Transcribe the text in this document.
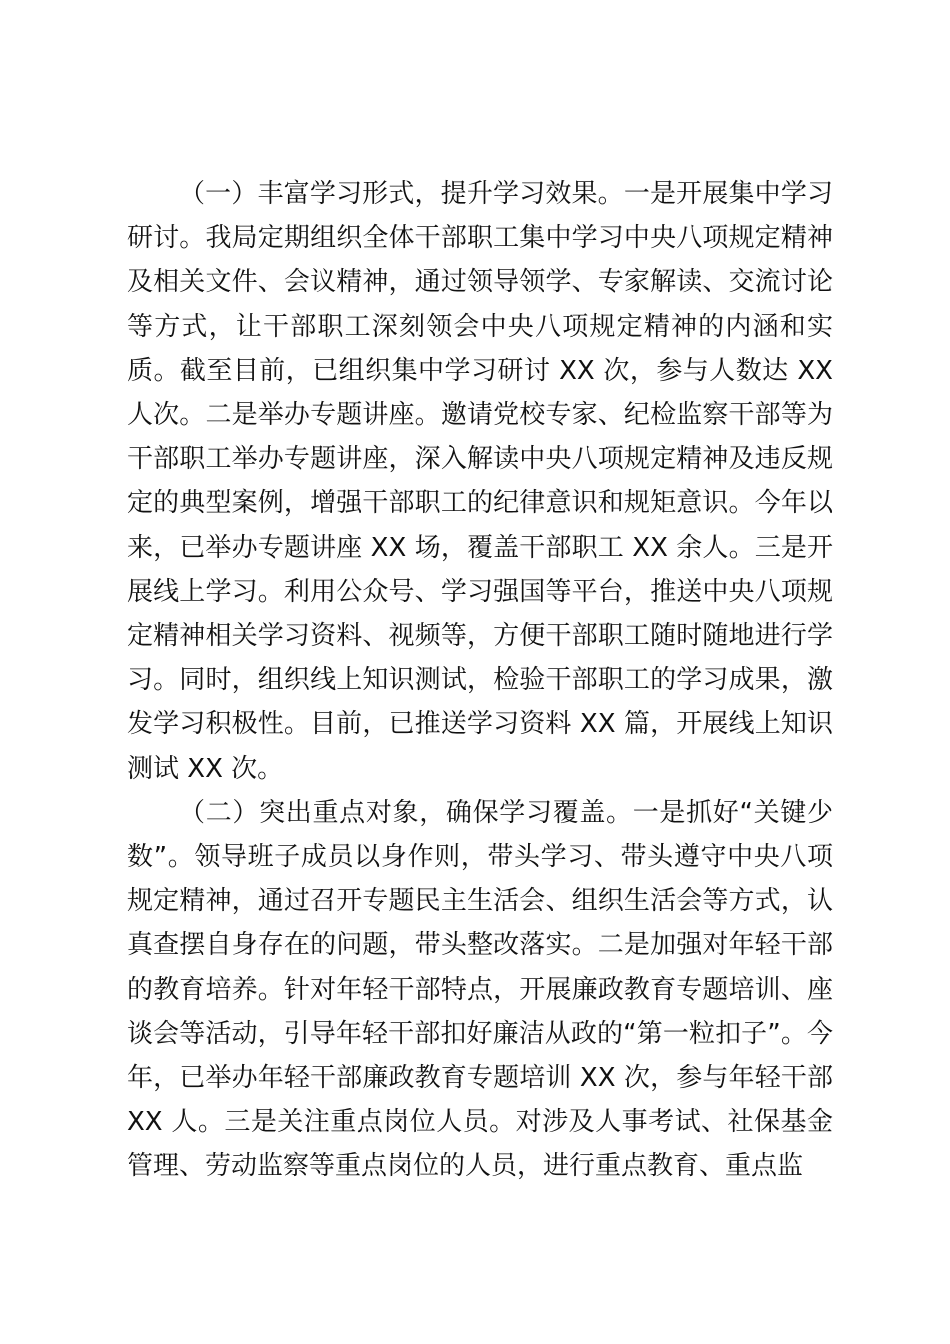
（一）丰富学习形式，提升学习效果。一是开展集中学习研讨。我局定期组织全体干部职工集中学习中央八项规定精神及相关文件、会议精神，通过领导领学、专家解读、交流讨论等方式，让干部职工深刻领会中央八项规定精神的内涵和实质。截至目前，已组织集中学习研讨 XX 次，参与人数达 XX 人次。二是举办专题讲座。邀请党校专家、纪检监察干部等为干部职工举办专题讲座，深入解读中央八项规定精神及违反规定的典型案例，增强干部职工的纪律意识和规矩意识。今年以来，已举办专题讲座 XX 场，覆盖干部职工 XX 余人。三是开展线上学习。利用公众号、学习强国等平台，推送中央八项规定精神相关学习资料、视频等，方便干部职工随时随地进行学习。同时，组织线上知识测试，检验干部职工的学习成果，激发学习积极性。目前，已推送学习资料 XX 篇，开展线上知识测试 XX 次。

（二）突出重点对象，确保学习覆盖。一是抓好“关键少数”。领导班子成员以身作则，带头学习、带头遵守中央八项规定精神，通过召开专题民主生活会、组织生活会等方式，认真查摆自身存在的问题，带头整改落实。二是加强对年轻干部的教育培养。针对年轻干部特点，开展廉政教育专题培训、座谈会等活动，引导年轻干部扣好廉洁从政的“第一粒扣子”。今年，已举办年轻干部廉政教育专题培训 XX 次，参与年轻干部 XX 人。三是关注重点岗位人员。对涉及人事考试、社保基金管理、劳动监察等重点岗位的人员，进行重点教育、重点监
